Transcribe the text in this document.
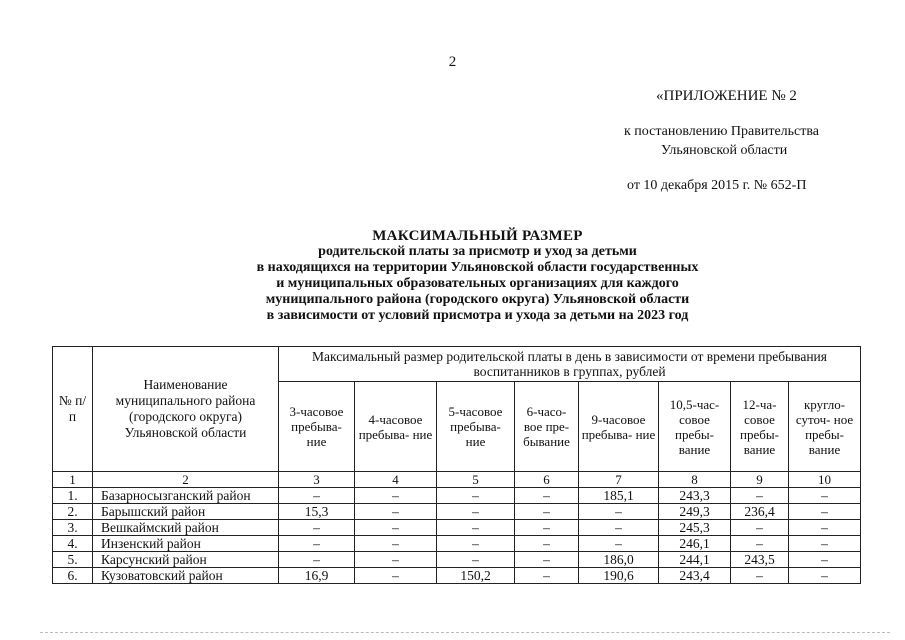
2
«ПРИЛОЖЕНИЕ № 2
к постановлению Правительства
Ульяновской области
от 10 декабря 2015 г. № 652-П
МАКСИМАЛЬНЫЙ РАЗМЕР
родительской платы за присмотр и уход за детьми
в находящихся на территории Ульяновской области государственных
и муниципальных образовательных организациях для каждого
муниципального района (городского округа) Ульяновской области
в зависимости от условий присмотра и ухода за детьми на 2023 год
№ п/п	Наименование муниципального района (городского округа) Ульяновской области	Максимальный размер родительской платы в день в зависимости от времени пребывания воспитанников в группах, рублей							
		3-часовое пребыва- ние	4-часовое пребыва- ние	5-часовое пребыва- ние	6-часо- вое пре- бывание	9-часовое пребыва- ние	10,5-час- совое пребы- вание	12-ча- совое пребы- вание	кругло- суточ- ное пребы- вание
1	2	3	4	5	6	7	8	9	10
1.	Базарносызганский район	–	–	–	–	185,1	243,3	–	–
2.	Барышский район	15,3	–	–	–	–	249,3	236,4	–
3.	Вешкаймский район	–	–	–	–	–	245,3	–	–
4.	Инзенский район	–	–	–	–	–	246,1	–	–
5.	Карсунский район	–	–	–	–	186,0	244,1	243,5	–
6.	Кузоватовский район	16,9	–	150,2	–	190,6	243,4	–	–
